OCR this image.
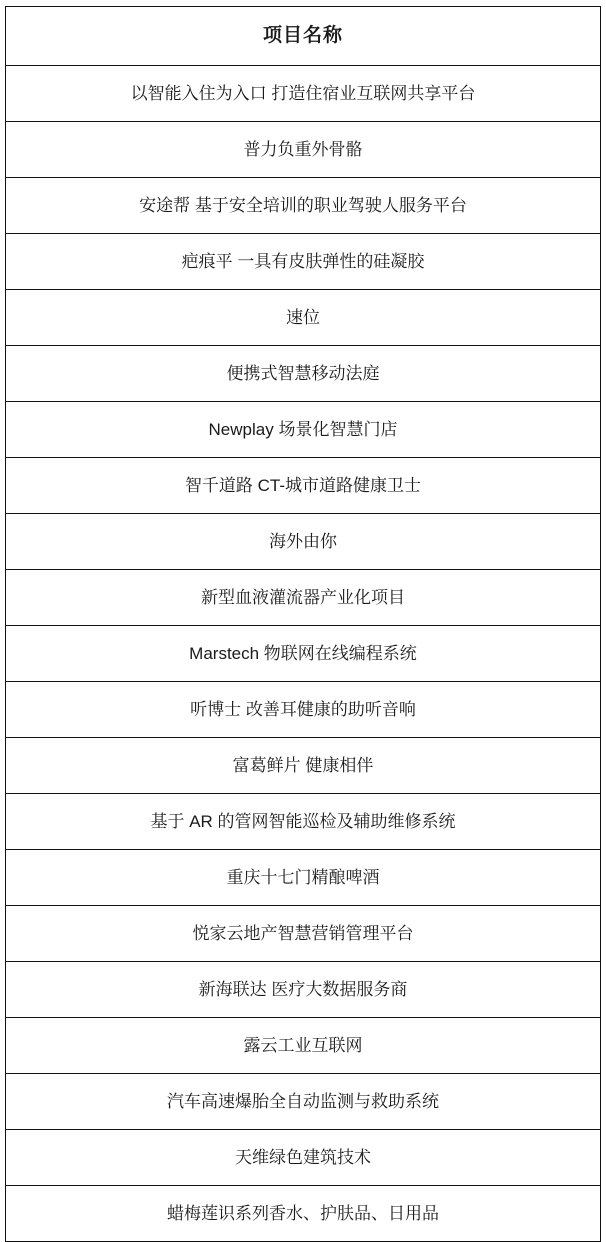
项目名称
以智能入住为入口 打造住宿业互联网共享平台
普力负重外骨骼
安途帮 基于安全培训的职业驾驶人服务平台
疤痕平 一具有皮肤弹性的硅凝胶
速位
便携式智慧移动法庭
Newplay 场景化智慧门店
智千道路 CT-城市道路健康卫士
海外由你
新型血液灌流器产业化项目
Marstech 物联网在线编程系统
听博士 改善耳健康的助听音响
富葛鲜片 健康相伴
基于 AR 的管网智能巡检及辅助维修系统
重庆十七门精酿啤酒
悦家云地产智慧营销管理平台
新海联达 医疗大数据服务商
露云工业互联网
汽车高速爆胎全自动监测与救助系统
天维绿色建筑技术
蜡梅莲识系列香水、护肤品、日用品
